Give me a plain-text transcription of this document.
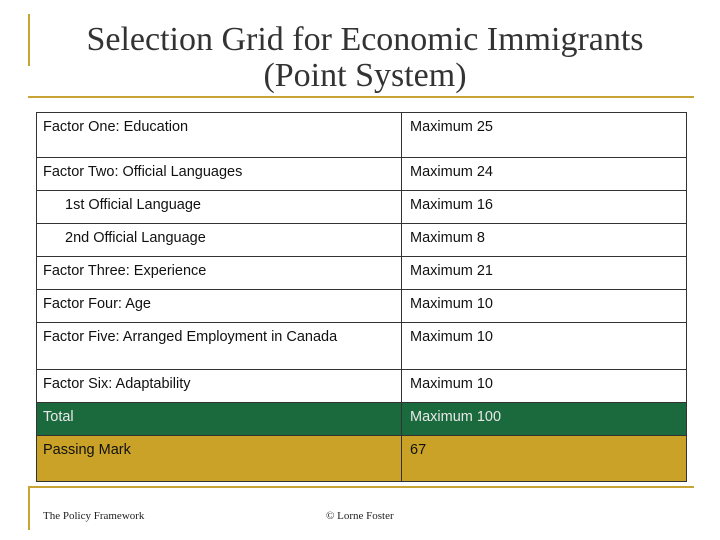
Selection Grid for Economic Immigrants
(Point System)
Factor One: Education	Maximum 25
Factor Two: Official Languages	Maximum 24
1st Official Language	Maximum 16
2nd Official Language	Maximum 8
Factor Three: Experience	Maximum 21
Factor Four: Age	Maximum 10
Factor Five: Arranged Employment in Canada	Maximum 10
Factor Six: Adaptability	Maximum 10
Total	Maximum 100
Passing Mark	67
The Policy Framework	© Lorne Foster
